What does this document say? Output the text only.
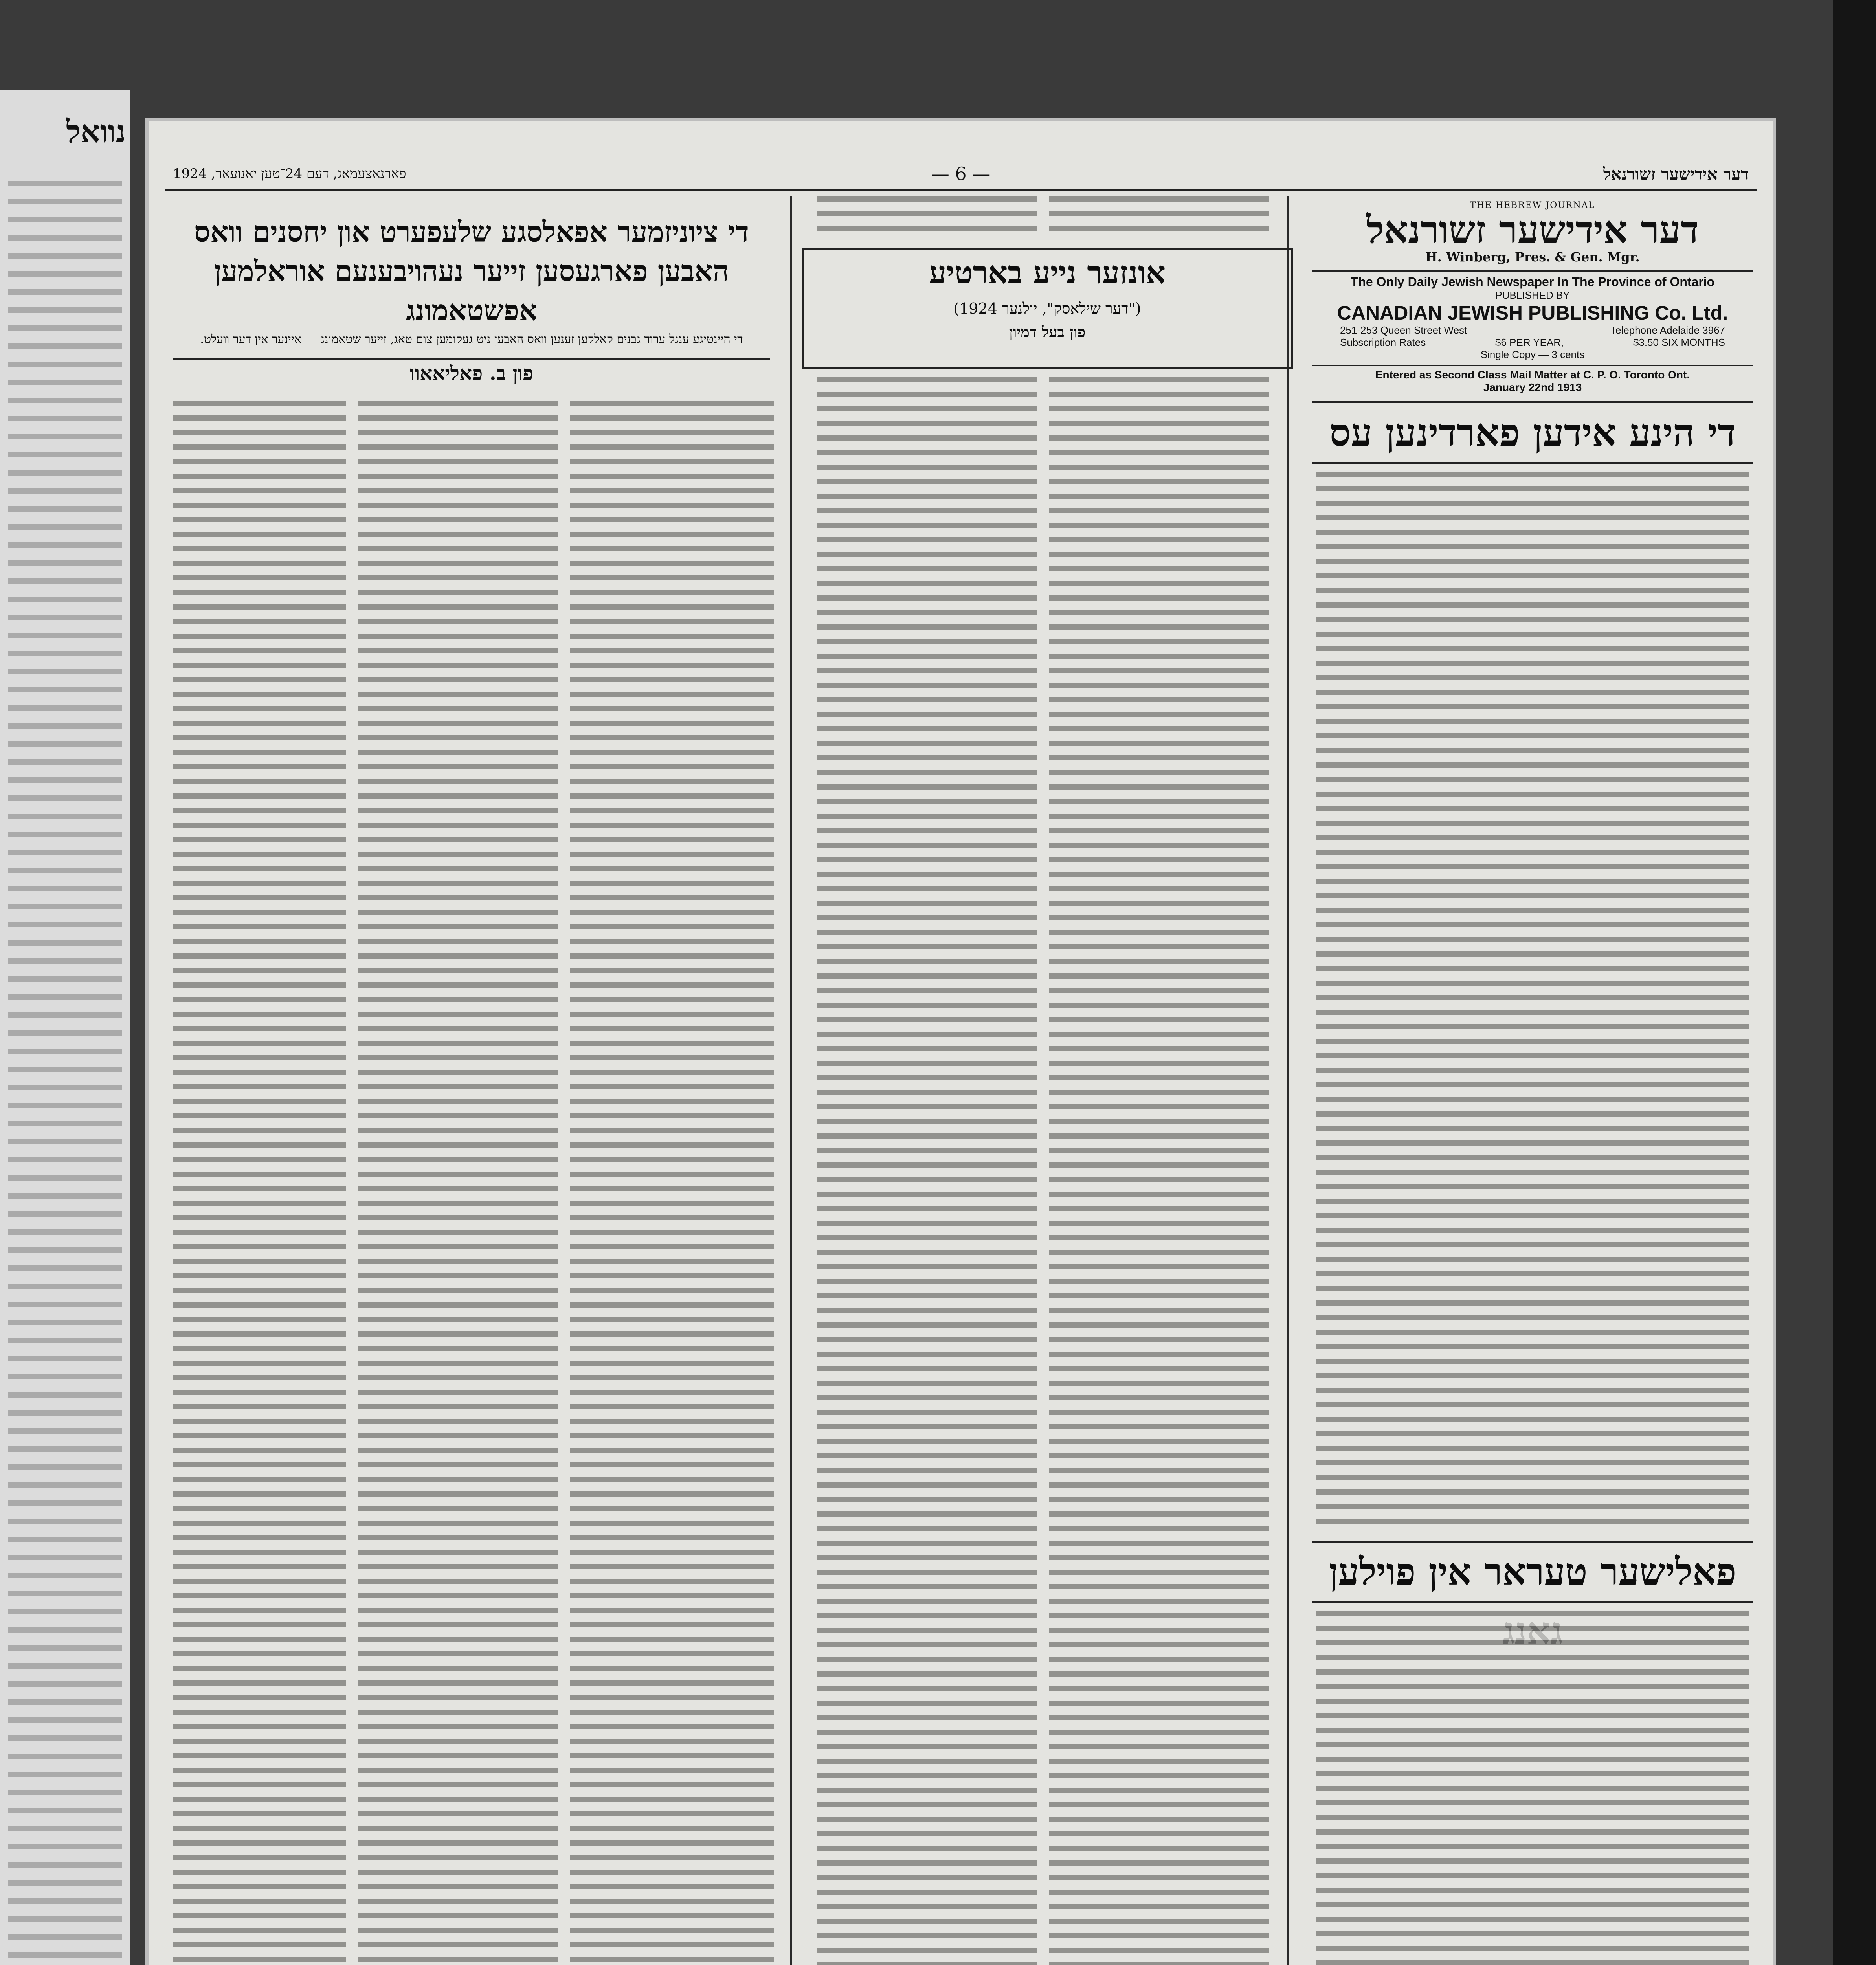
נוואל
פארנאצעמאג, דעם 24־טען יאנועאר, 1924	— 6 —	דער אידישער זשורנאל
THE HEBREW JOURNAL
דער אידישער זשורנאל
H. Winberg, Pres. & Gen. Mgr.
The Only Daily Jewish Newspaper In The Province of Ontario
PUBLISHED BY
CANADIAN JEWISH PUBLISHING Co. Ltd.
251-253 Queen Street West	Telephone Adelaide 3967
Subscription Rates	$6 PER YEAR,	$3.50 SIX MONTHS
Single Copy — 3 cents
Entered as Second Class Mail Matter at C. P. O. Toronto Ont.
January 22nd 1913
די הינע אידען פארדינען עס
פאלישער טעראר אין פוילען
אונזער נייע בארטיע
("דער שילאסק", יולנער 1924)
פון בעל דמיון
די ציוניזמער אפאלסגע שלעפערט און יחסנים וואס האבען פארגעסען זייער נעהויבענעם אוראלמען אפשטאמונג
די היינטיגע ענגל ערוד גבנים קאלקען זענען וואס האבען ניט געקומען צום טאג, זייער שטאמונג — איינער אין דער וועלט.
פון ב. פאליאאוו
